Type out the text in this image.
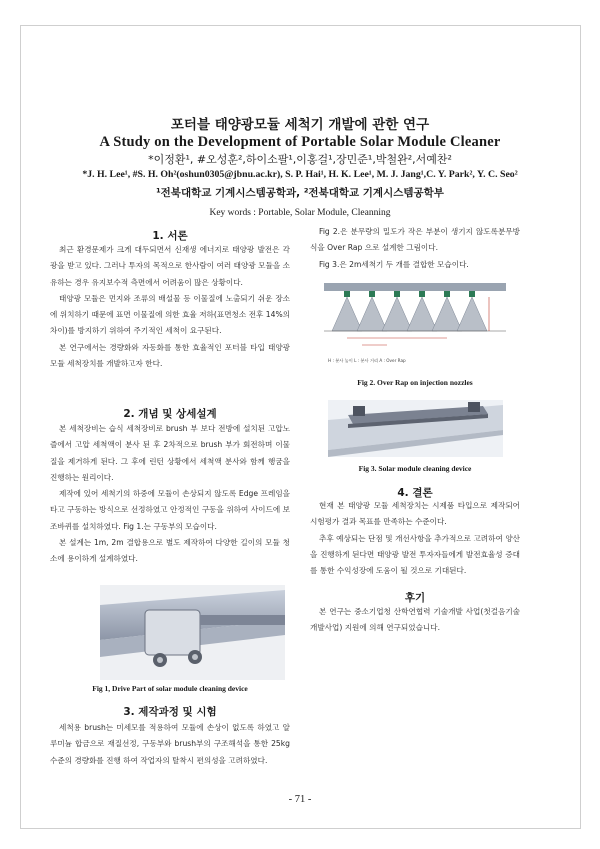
포터블 태양광모듈 세척기 개발에 관한 연구
A Study on the Development of Portable Solar Module Cleaner
*이정환¹, #오성훈²,하이소팔¹,이홍걸¹,장민준¹,박철완²,서예찬²
*J. H. Lee¹, #S. H. Oh²(oshun0305@jbnu.ac.kr), S. P. Hai¹, H. K. Lee¹, M. J. Jang¹,C. Y. Park², Y. C. Seo²
¹전북대학교 기계시스템공학과, ²전북대학교 기계시스템공학부
Key words : Portable, Solar Module, Cleanning
1. 서론

최근 환경문제가 크게 대두되면서 신재생 에너지로 태양광 발전은 각광을 받고 있다. 그러나 투자의 목적으로 한사람이 여러 태양광 모듈을 소유하는 경우 유지보수적 측면에서 어려움이 많은 상황이다.

태양광 모듈은 먼지와 조류의 배설물 등 이물질에 노출되기 쉬운 장소에 위치하기 때문에 표면 이물질에 의한 효율 저하(표면청소 전후 14%의 차이)를 방지하기 위하여 주기적인 세척이 요구된다.

본 연구에서는 경량화와 자동화를 통한 효율적인 포터블 타입 태양광 모듈 세척장치를 개발하고자 한다.

2. 개념 및 상세설계

본 세척장비는 습식 세척장비로 brush 부 보다 전방에 설치된 고압노즐에서 고압 세척액이 분사 된 후 2차적으로 brush 부가 회전하며 이물질을 제거하게 된다. 그 후에 린턴 상황에서 세척액 분사와 함께 행굼을 진행하는 원리이다.

제작에 있어 세척기의 하중에 모듈이 손상되지 않도록 Edge 프레임을 타고 구동하는 방식으로 선정하였고 안정적인 구동을 위하여 사이드에 보조바퀴를 설치하였다. Fig 1.는 구동부의 모습이다.

본 설계는 1m, 2m 결합용으로 별도 제작하여 다양한 길이의 모듈 청소에 용이하게 설계하였다.

Fig 1, Drive Part of solar module cleaning device
3. 제작과정 및 시험

세척용 brush는 미세모를 적용하여 모듈에 손상이 없도록 하였고 알루미늄 합금으로 재질선정, 구동부와 brush부의 구조해석을 통한 25kg수준의 경량화를 진행 하여 작업자의 탈착시 편의성을 고려하였다.

Fig 2.은 분무량의 밀도가 작은 부분이 생기지 않도록분무방식을 Over Rap 으로 설계한 그림이다.

Fig 3.은 2m세척기 두 개를 결합한 모습이다.

H : 분사 높이 L : 분사 거리 A : Over Rap
Fig 2. Over Rap on injection nozzles
Fig 3. Solar module cleaning device
4. 결론

현재 본 태양광 모듈 세척장치는 시제품 타입으로 제작되어 시험평가 결과 목표를 만족하는 수준이다.

추후 예상되는 단점 및 개선사항을 추가적으로 고려하여 양산을 진행하게 된다면 태양광 발전 투자자들에게 발전효율성 증대를 통한 수익성장에 도움이 될 것으로 기대된다.

후기

본 연구는 중소기업청 산학연협력 기술개발 사업(첫걸음기술개발사업) 지원에 의해 연구되었습니다.

- 71 -
